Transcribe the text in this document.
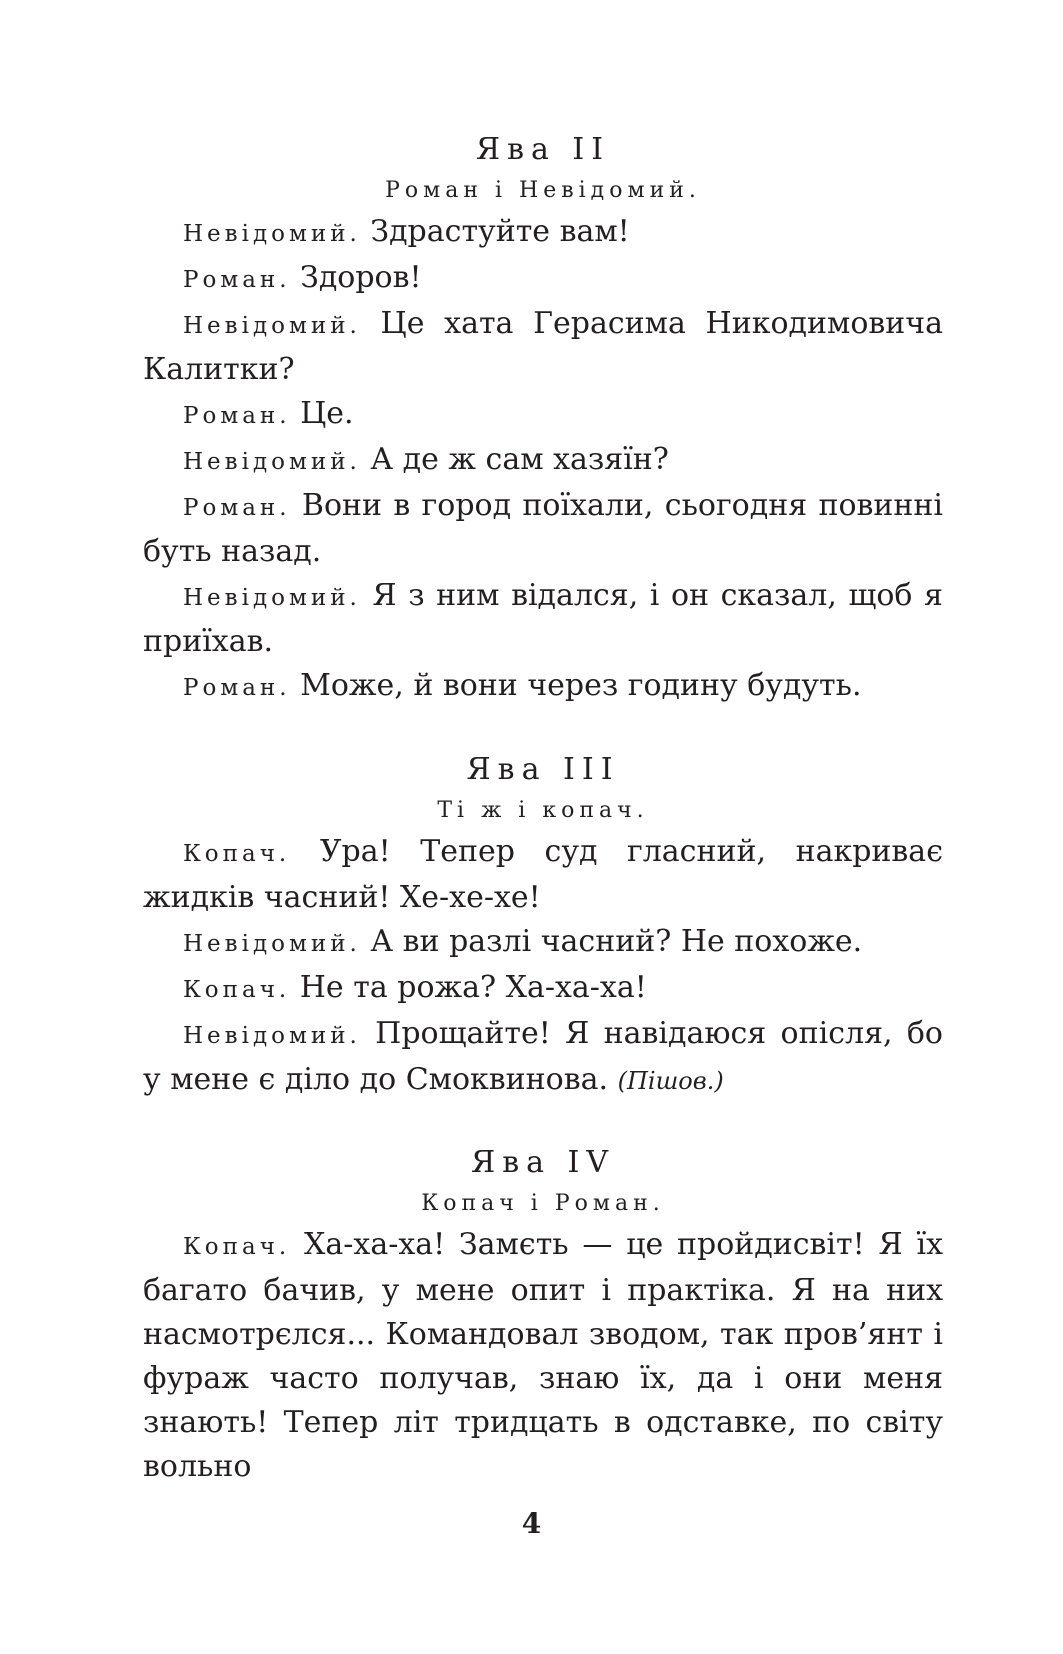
Ява II

Роман і Невідомий.

Невідомий. Здрастуйте вам!

Роман. Здоров!

Невідомий. Це хата Герасима Никодимовича Калитки?

Роман. Це.

Невідомий. А де ж сам хазяїн?

Роман. Вони в город поїхали, сьогодня повинні буть назад.

Невідомий. Я з ним відался, і он сказал, щоб я приїхав.

Роман. Може, й вони через годину будуть.

Ява III

Ті ж і копач.

Копач. Ура! Тепер суд гласний, накриває жидків часний! Хе-хе-хе!

Невідомий. А ви разлі часний? Не похоже.

Копач. Не та рожа? Ха-ха-ха!

Невідомий. Прощайте! Я навідаюся опісля, бо у мене є діло до Смоквинова. (Пішов.)

Ява IV

Копач і Роман.

Копач. Ха-ха-ха! Замєть — це пройдисвіт! Я їх багато бачив, у мене опит і практіка. Я на них насмотрєлся... Командовал зводом, так пров’янт і фураж часто получав, знаю їх, да і они меня знають! Тепер літ тридцать в одставке, по світу вольно

4
